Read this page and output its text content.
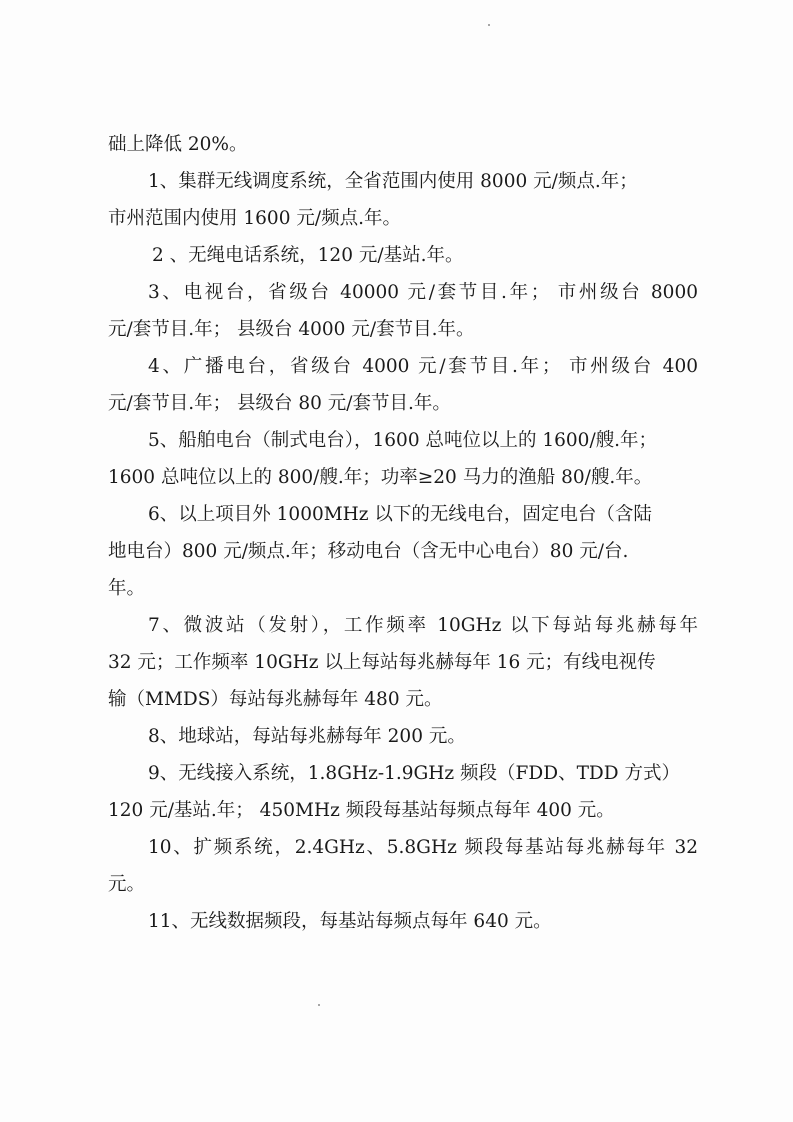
础上降低 20%。
1、集群无线调度系统，全省范围内使用 8000 元/频点.年；
市州范围内使用 1600 元/频点.年。
2 、无绳电话系统，120 元/基站.年。
3、电视台，省级台 40000 元/套节目.年； 市州级台 8000
元/套节目.年； 县级台 4000 元/套节目.年。
4、广播电台，省级台 4000 元/套节目.年； 市州级台 400
元/套节目.年； 县级台 80 元/套节目.年。
5、船舶电台（制式电台），1600 总吨位以上的 1600/艘.年；
1600 总吨位以上的 800/艘.年；功率≥20 马力的渔船 80/艘.年。
6、以上项目外 1000MHz 以下的无线电台，固定电台（含陆
地电台）800 元/频点.年；移动电台（含无中心电台）80 元/台.
年。
7、微波站（发射），工作频率 10GHz 以下每站每兆赫每年
32 元；工作频率 10GHz 以上每站每兆赫每年 16 元；有线电视传
输（MMDS）每站每兆赫每年 480 元。
8、地球站，每站每兆赫每年 200 元。
9、无线接入系统，1.8GHz-1.9GHz 频段（FDD、TDD 方式）
120 元/基站.年； 450MHz 频段每基站每频点每年 400 元。
10、扩频系统，2.4GHz、5.8GHz 频段每基站每兆赫每年 32
元。
11、无线数据频段，每基站每频点每年 640 元。
